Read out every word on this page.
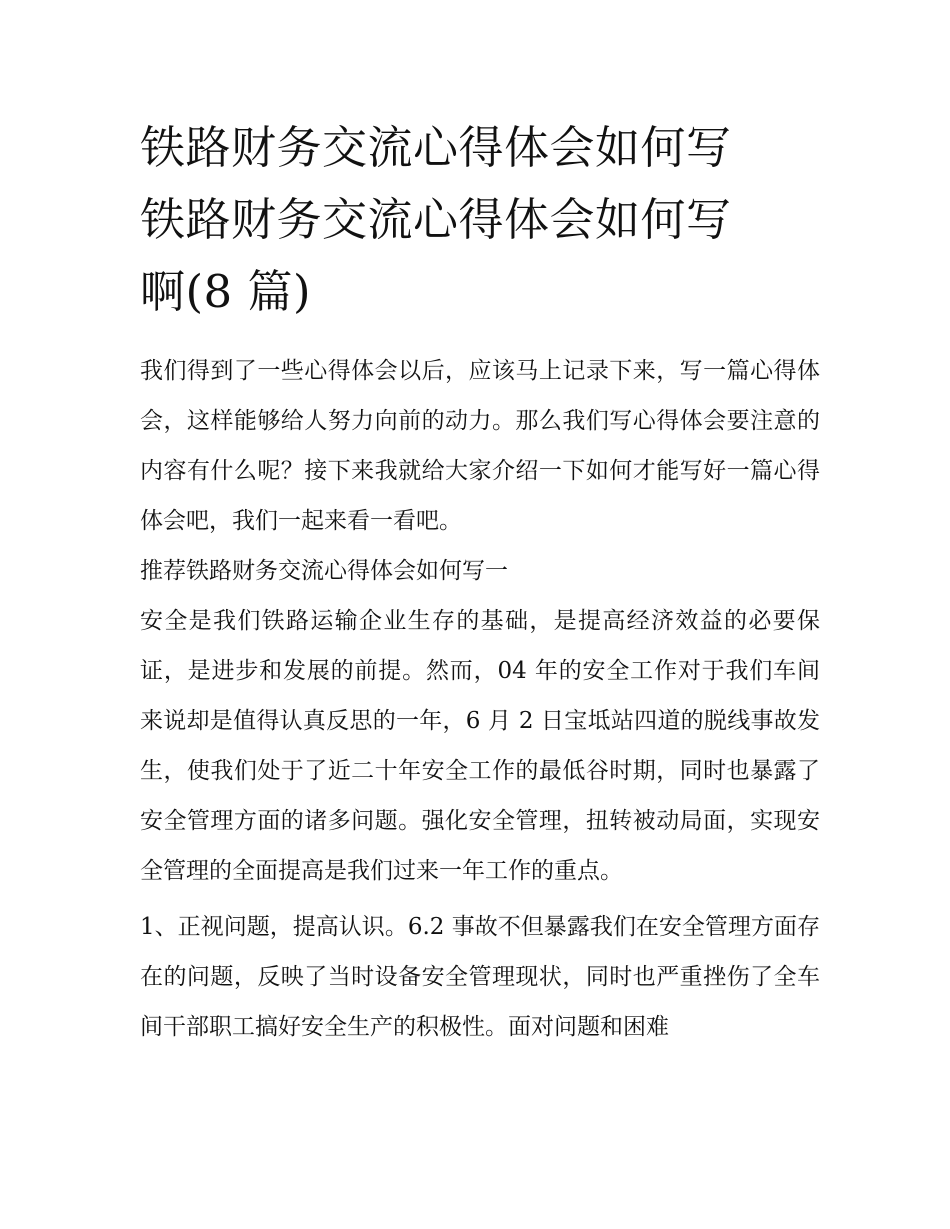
铁路财务交流心得体会如何写
铁路财务交流心得体会如何写
啊(8 篇)

我们得到了一些心得体会以后，应该马上记录下来，写一篇心得体会，这样能够给人努力向前的动力。那么我们写心得体会要注意的内容有什么呢？接下来我就给大家介绍一下如何才能写好一篇心得体会吧，我们一起来看一看吧。

推荐铁路财务交流心得体会如何写一

安全是我们铁路运输企业生存的基础，是提高经济效益的必要保证，是进步和发展的前提。然而，04 年的安全工作对于我们车间来说却是值得认真反思的一年，6 月 2 日宝坻站四道的脱线事故发生，使我们处于了近二十年安全工作的最低谷时期，同时也暴露了安全管理方面的诸多问题。强化安全管理，扭转被动局面，实现安全管理的全面提高是我们过来一年工作的重点。

1、正视问题，提高认识。6.2 事故不但暴露我们在安全管理方面存在的问题，反映了当时设备安全管理现状，同时也严重挫伤了全车间干部职工搞好安全生产的积极性。面对问题和困难
